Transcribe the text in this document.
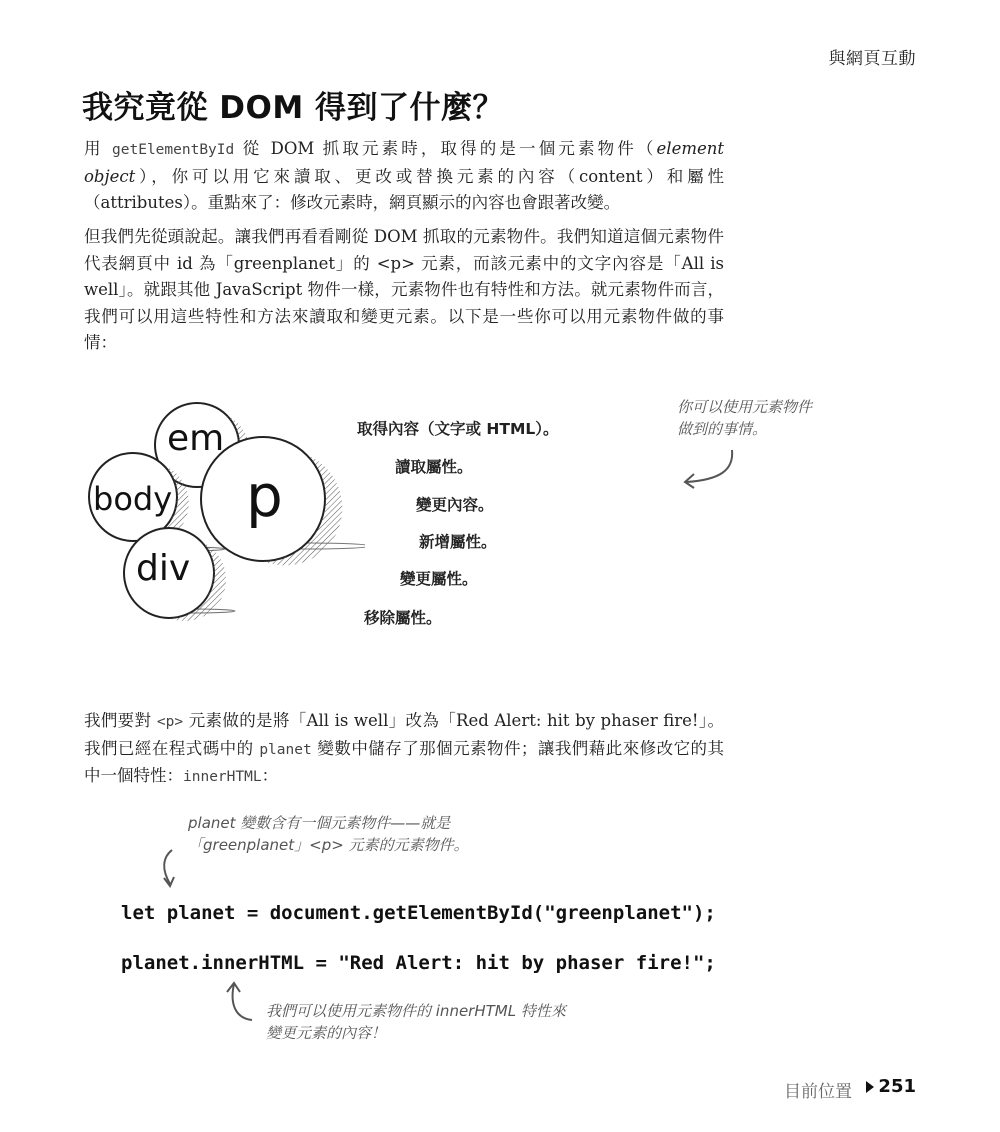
與網頁互動
我究竟從 DOM 得到了什麼？

用 getElementById 從 DOM 抓取元素時，取得的是一個元素物件（element object），你可以用它來讀取、更改或替換元素的內容（content）和屬性（attributes）。重點來了：修改元素時，網頁顯示的內容也會跟著改變。

但我們先從頭說起。讓我們再看看剛從 DOM 抓取的元素物件。我們知道這個元素物件代表網頁中 id 為「greenplanet」的 <p> 元素，而該元素中的文字內容是「All is well」。就跟其他 JavaScript 物件一樣，元素物件也有特性和方法。就元素物件而言，我們可以用這些特性和方法來讀取和變更元素。以下是一些你可以用元素物件做的事情：

em
body p
div
取得內容（文字或 HTML）。
讀取屬性。
變更內容。
新增屬性。
變更屬性。
移除屬性。
你可以使用元素物件
做到的事情。

我們要對 <p> 元素做的是將「All is well」改為「Red Alert: hit by phaser fire!」。我們已經在程式碼中的 planet 變數中儲存了那個元素物件；讓我們藉此來修改它的其中一個特性：innerHTML：

planet 變數含有一個元素物件——就是
「greenplanet」<p> 元素的元素物件。
let planet = document.getElementById("greenplanet");
planet.innerHTML = "Red Alert: hit by phaser fire!";
我們可以使用元素物件的 innerHTML 特性來
變更元素的內容！
目前位置 251
